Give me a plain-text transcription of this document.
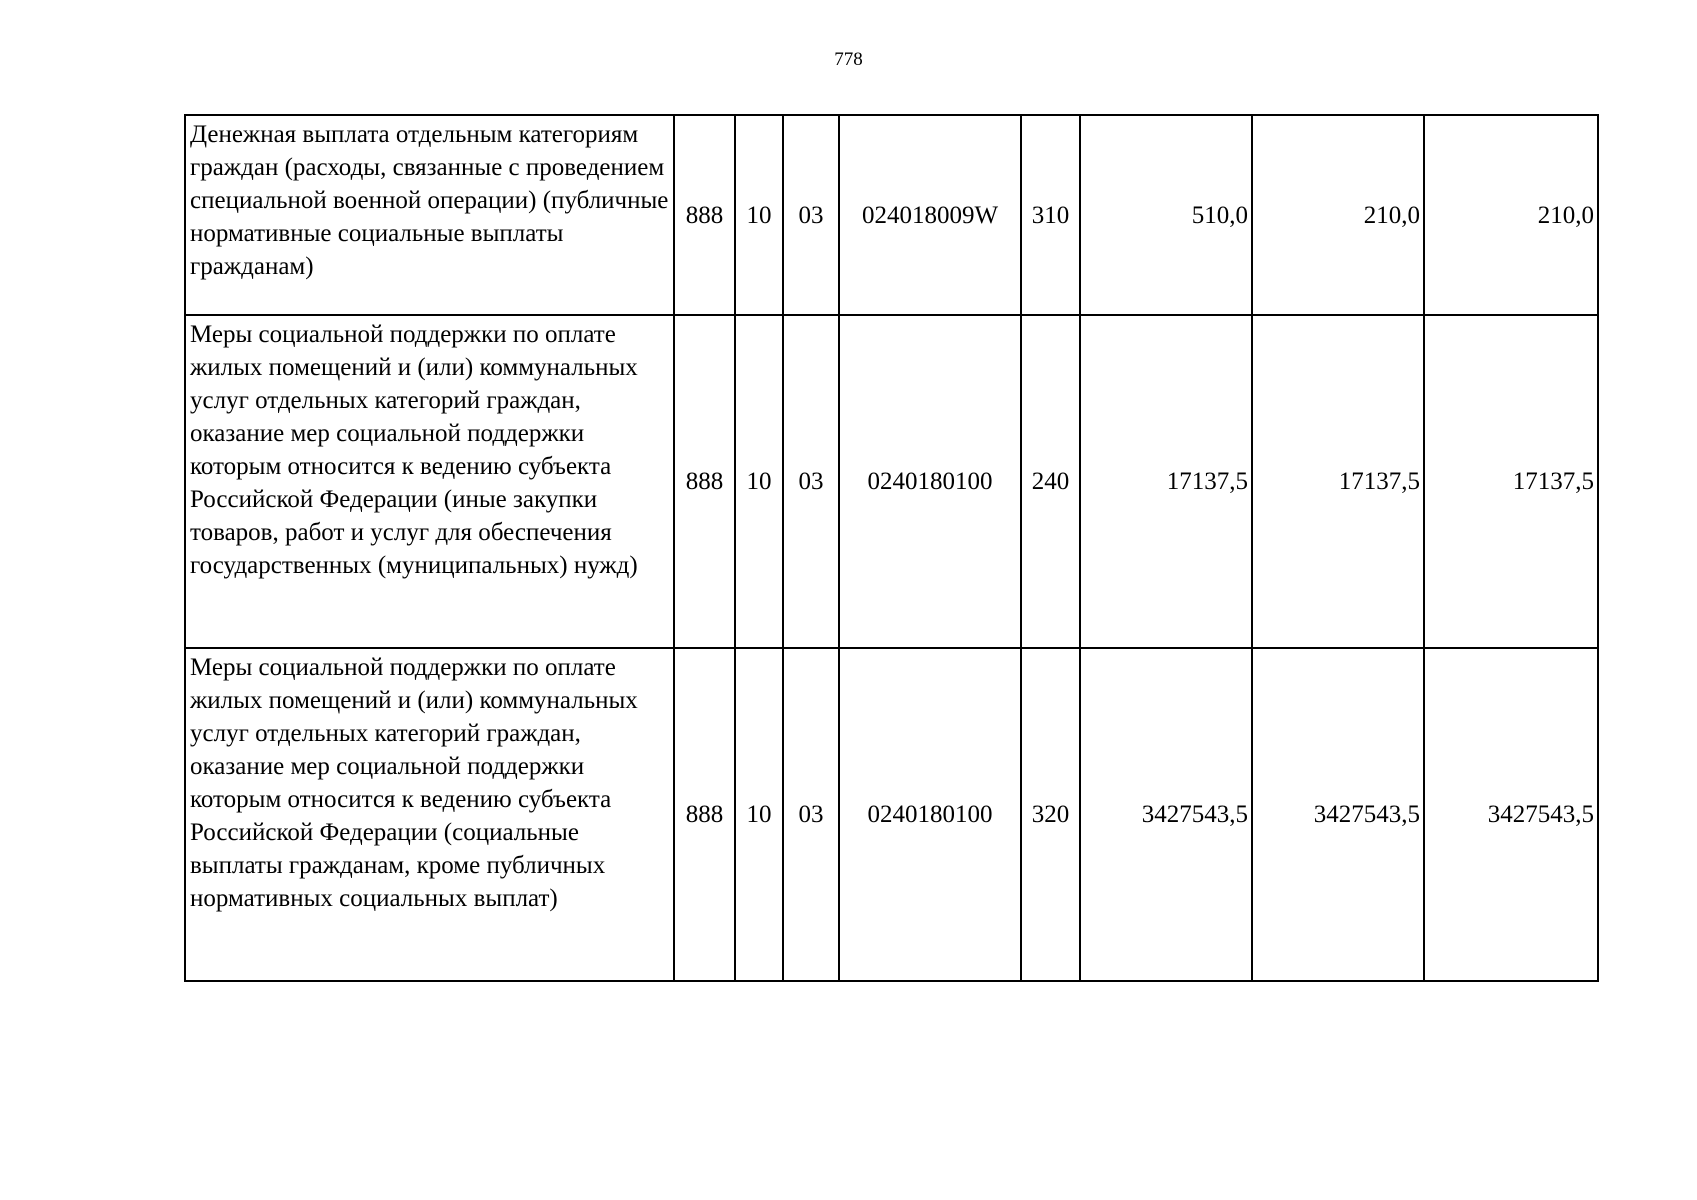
778
Денежная выплата отдельным категориям граждан (расходы, связанные с проведением специальной военной операции) (публичные нормативные социальные выплаты гражданам)	888	10	03	024018009W	310	510,0	210,0	210,0
Меры социальной поддержки по оплате жилых помещений и (или) коммунальных услуг отдельных категорий граждан, оказание мер социальной поддержки которым относится к ведению субъекта Российской Федерации (иные закупки товаров, работ и услуг для обеспечения государственных (муниципальных) нужд)	888	10	03	0240180100	240	17137,5	17137,5	17137,5
Меры социальной поддержки по оплате жилых помещений и (или) коммунальных услуг отдельных категорий граждан, оказание мер социальной поддержки которым относится к ведению субъекта Российской Федерации (социальные выплаты гражданам, кроме публичных нормативных социальных выплат)	888	10	03	0240180100	320	3427543,5	3427543,5	3427543,5
